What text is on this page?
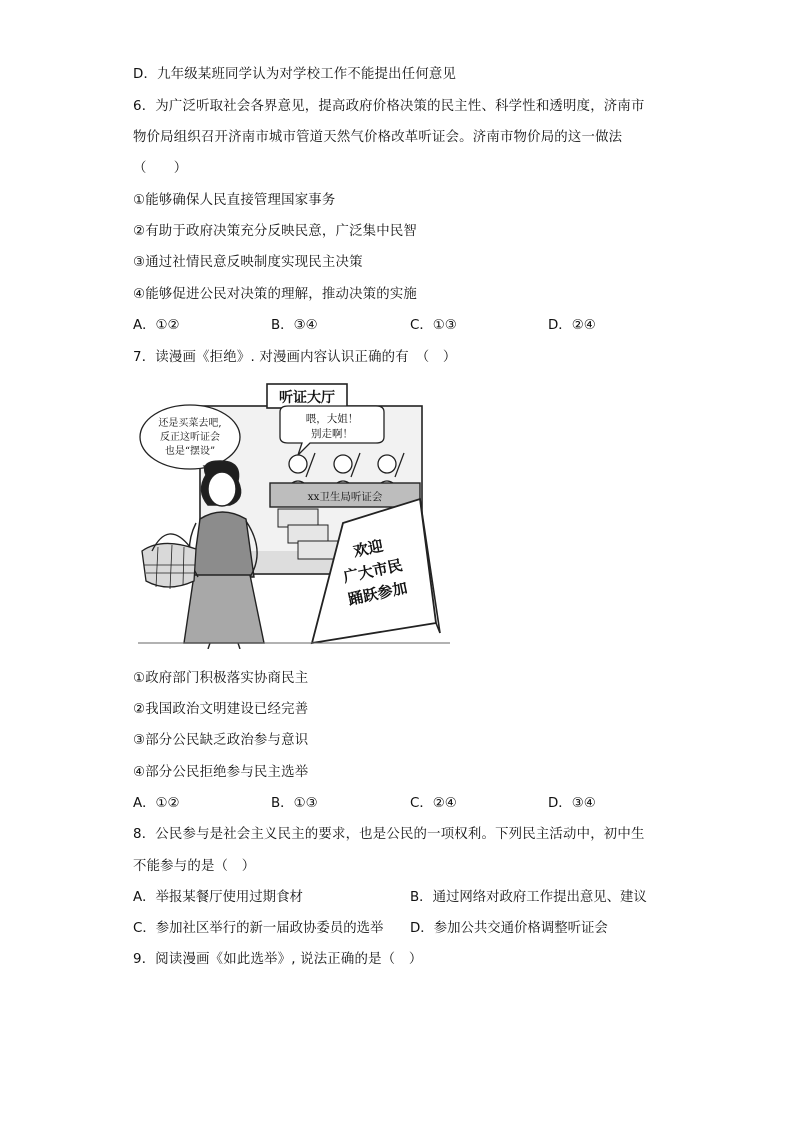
D．九年级某班同学认为对学校工作不能提出任何意见
6．为广泛听取社会各界意见，提高政府价格决策的民主性、科学性和透明度，济南市
物价局组织召开济南市城市管道天然气价格改革听证会。济南市物价局的这一做法
（　　）
①能够确保人民直接管理国家事务
②有助于政府决策充分反映民意，广泛集中民智
③通过社情民意反映制度实现民主决策
④能够促进公民对决策的理解，推动决策的实施
A．①②	B．③④	C．①③	D．②④
7．读漫画《拒绝》. 对漫画内容认识正确的有　（　）
听证大厅
xx卫生局听证会
喂，大姐！
别走啊！
还是买菜去吧,
反正这听证会
也是“摆设”
欢迎
广大市民
踊跃参加
①政府部门积极落实协商民主
②我国政治文明建设已经完善
③部分公民缺乏政治参与意识
④部分公民拒绝参与民主选举
A．①②	B．①③	C．②④	D．③④
8．公民参与是社会主义民主的要求，也是公民的一项权利。下列民主活动中，初中生
不能参与的是（　）
A．举报某餐厅使用过期食材	B．通过网络对政府工作提出意见、建议
C．参加社区举行的新一届政协委员的选举 D．参加公共交通价格调整听证会
9．阅读漫画《如此选举》, 说法正确的是（　）
